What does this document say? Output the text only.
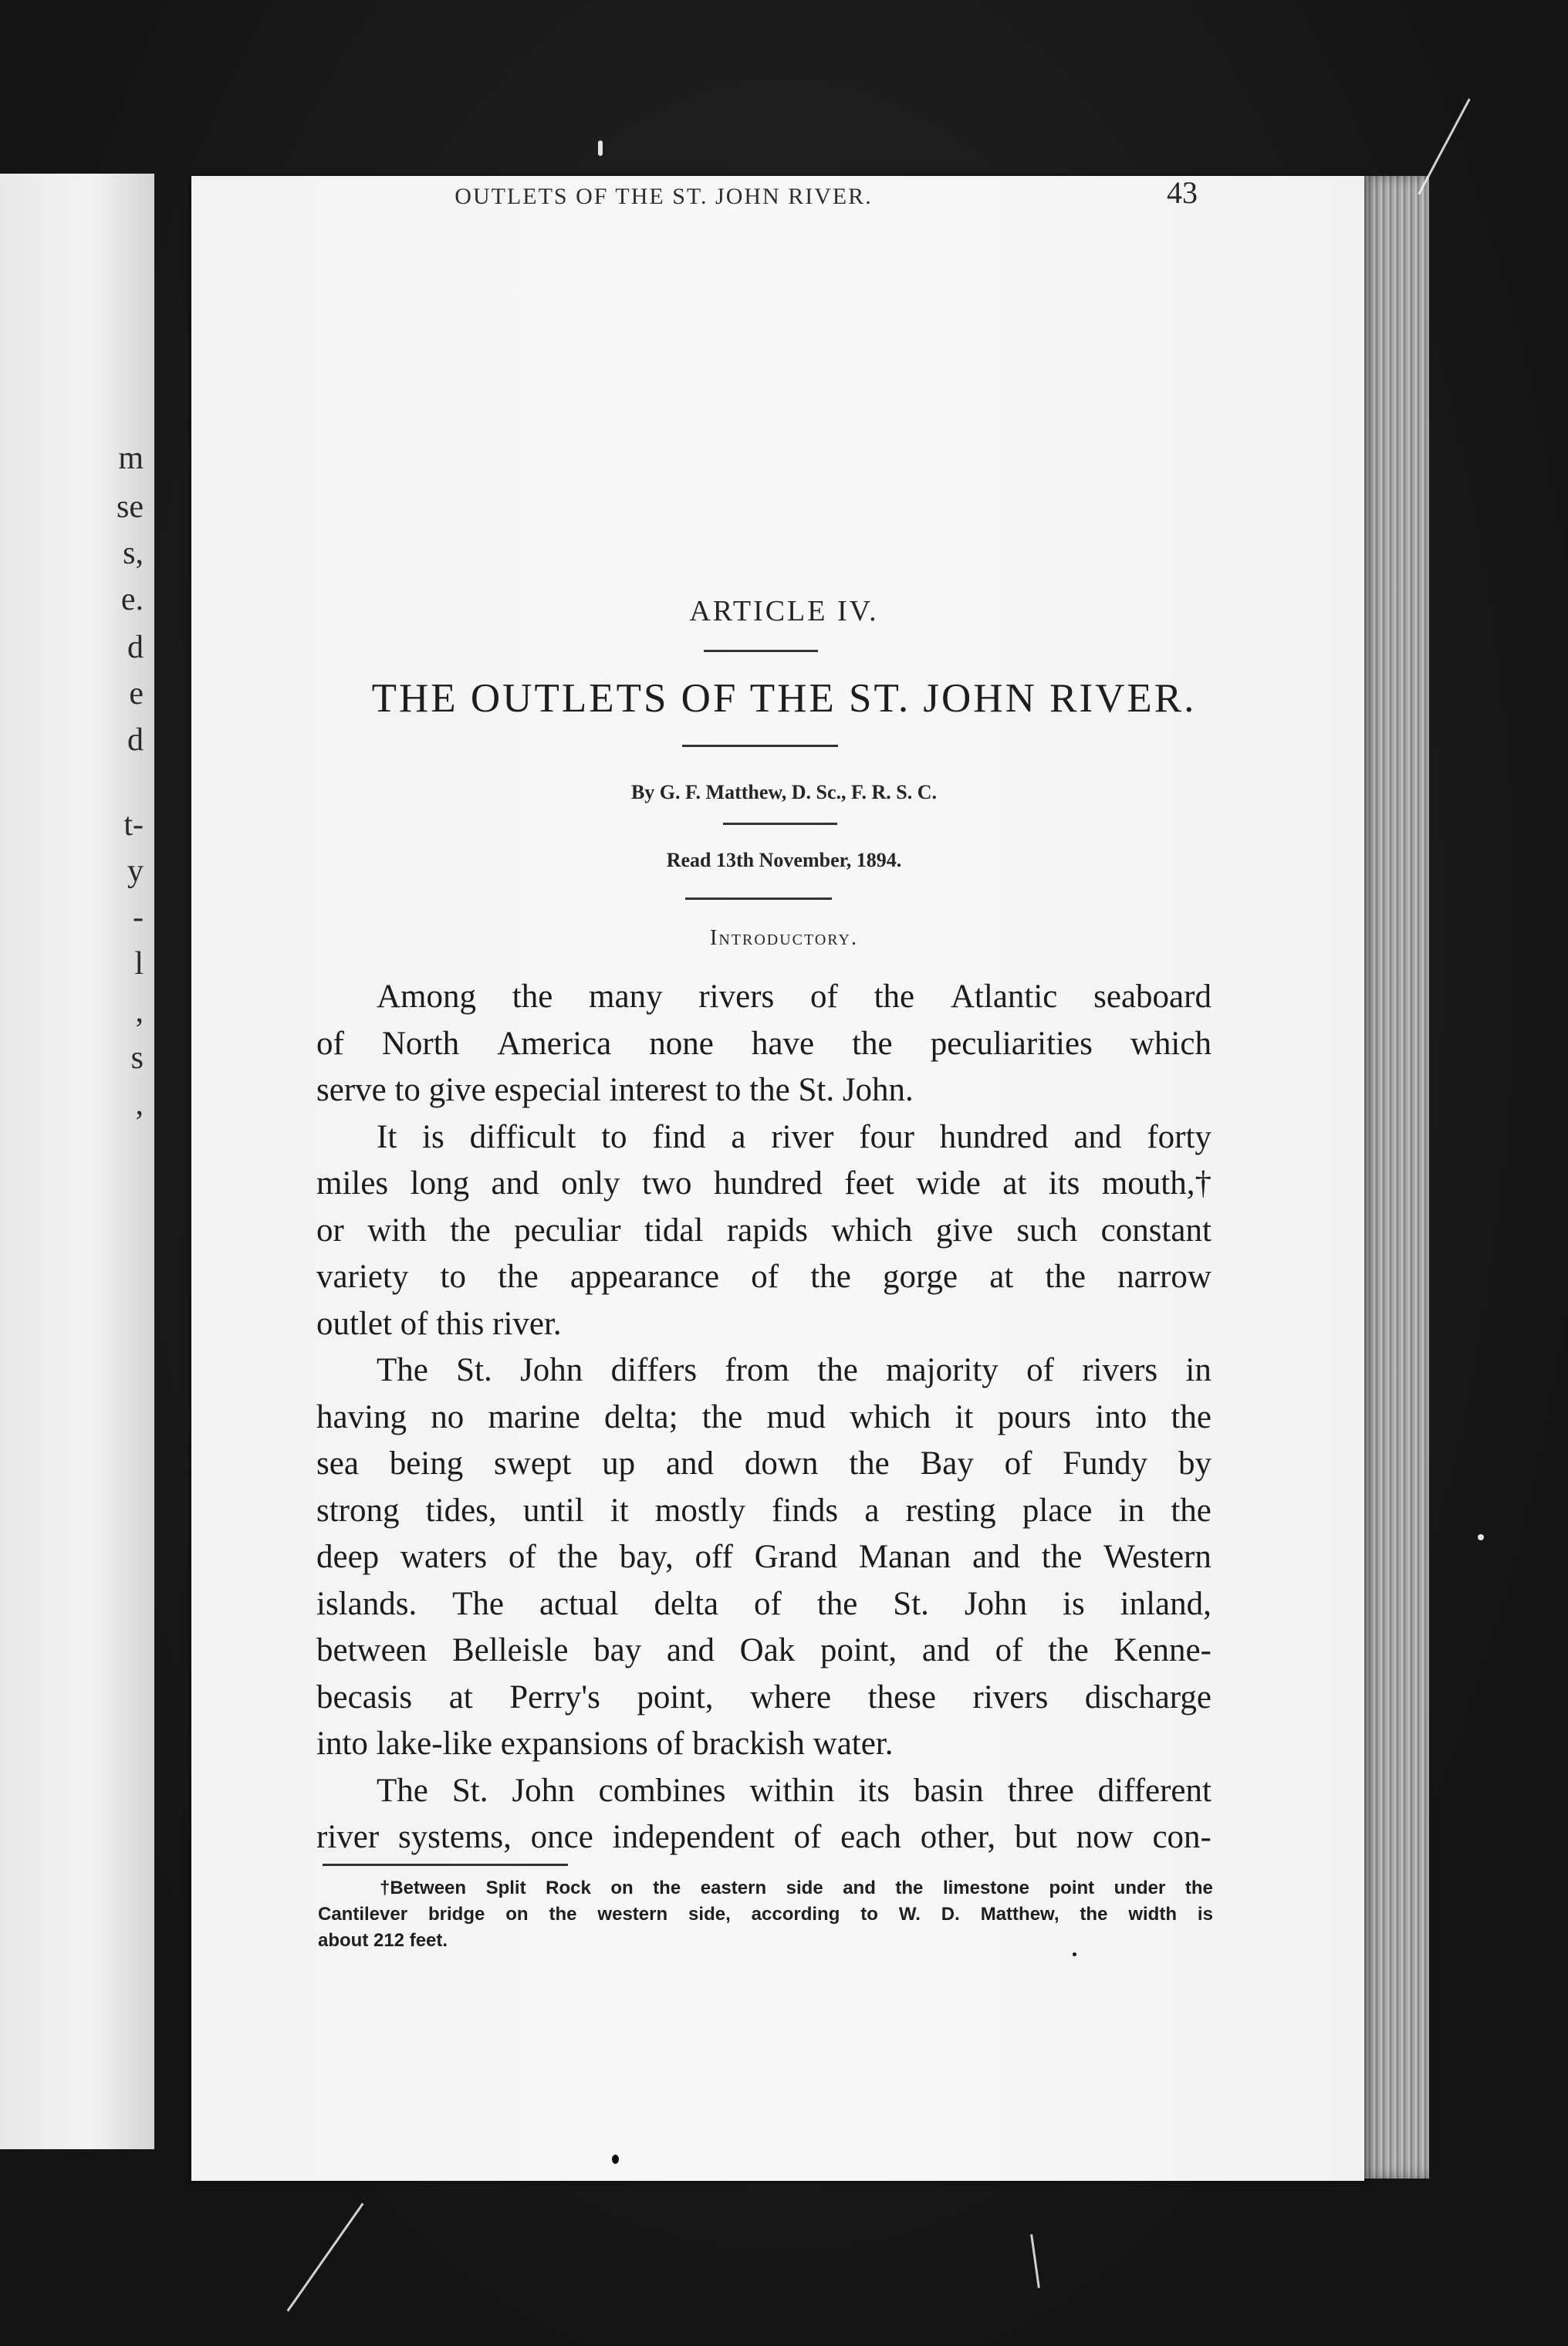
m
se
s,
e.
d
e
d
t-
y
-
l
,
s
,
OUTLETS OF THE ST. JOHN RIVER.	43
ARTICLE IV.
THE OUTLETS OF THE ST. JOHN RIVER.
By G. F. Matthew, D. Sc., F. R. S. C.
Read 13th November, 1894.
Introductory.
Among the many rivers of the Atlantic seaboard
of North America none have the peculiarities which
serve to give especial interest to the St. John.
It is difficult to find a river four hundred and forty
miles long and only two hundred feet wide at its mouth,†
or with the peculiar tidal rapids which give such constant
variety to the appearance of the gorge at the narrow
outlet of this river.
The St. John differs from the majority of rivers in
having no marine delta; the mud which it pours into the
sea being swept up and down the Bay of Fundy by
strong tides, until it mostly finds a resting place in the
deep waters of the bay, off Grand Manan and the Western
islands. The actual delta of the St. John is inland,
between Belleisle bay and Oak point, and of the Kenne-
becasis at Perry's point, where these rivers discharge
into lake-like expansions of brackish water.
The St. John combines within its basin three different
river systems, once independent of each other, but now con-
†Between Split Rock on the eastern side and the limestone point under the
Cantilever bridge on the western side, according to W. D. Matthew, the width is
about 212 feet.
